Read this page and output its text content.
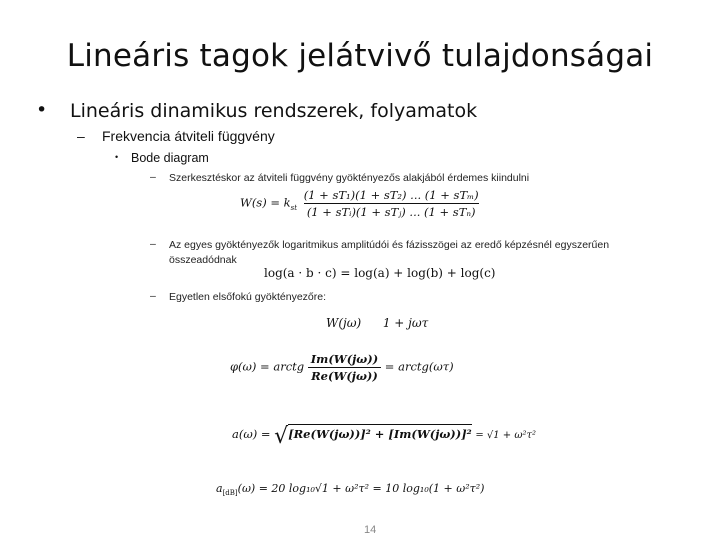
Lineáris tagok jelátvivő tulajdonságai
• Lineáris dinamikus rendszerek, folyamatok
– Frekvencia átviteli függvény
• Bode diagram
– Szerkesztéskor az átviteli függvény gyöktényezős alakjából érdemes kiindulni
$W(s) = k_{st} \frac{\text{(1 + sT₁)(1 + sT₂) ... (1 + sTₘ)}}{\text{(1 + sTᵢ)(1 + sTⱼ) ... (1 + sTₙ)}}$
– Az egyes gyöktényezők logaritmikus amplitúdói és fázisszögei az eredő képzésnél egyszerűen összeadódnak
log(a · b · c) = log(a) + log(b) + log(c)
– Egyetlen elsőfokú gyöktényezőre:
W(jω) 1 + jωτ
φ(ω) = arctg $\frac{Im(W(j\omega))}{Re(W(j\omega))}$ = arctg(ωτ)
a(ω) = √[Re(W(jω))]² + [Im(W(jω))]² = √1 + ω²τ²
$a_{[dB]}(\omega) = 20$ log₁₀√1 + ω²τ² = 10 log₁₀(1 + ω²τ²)
14
